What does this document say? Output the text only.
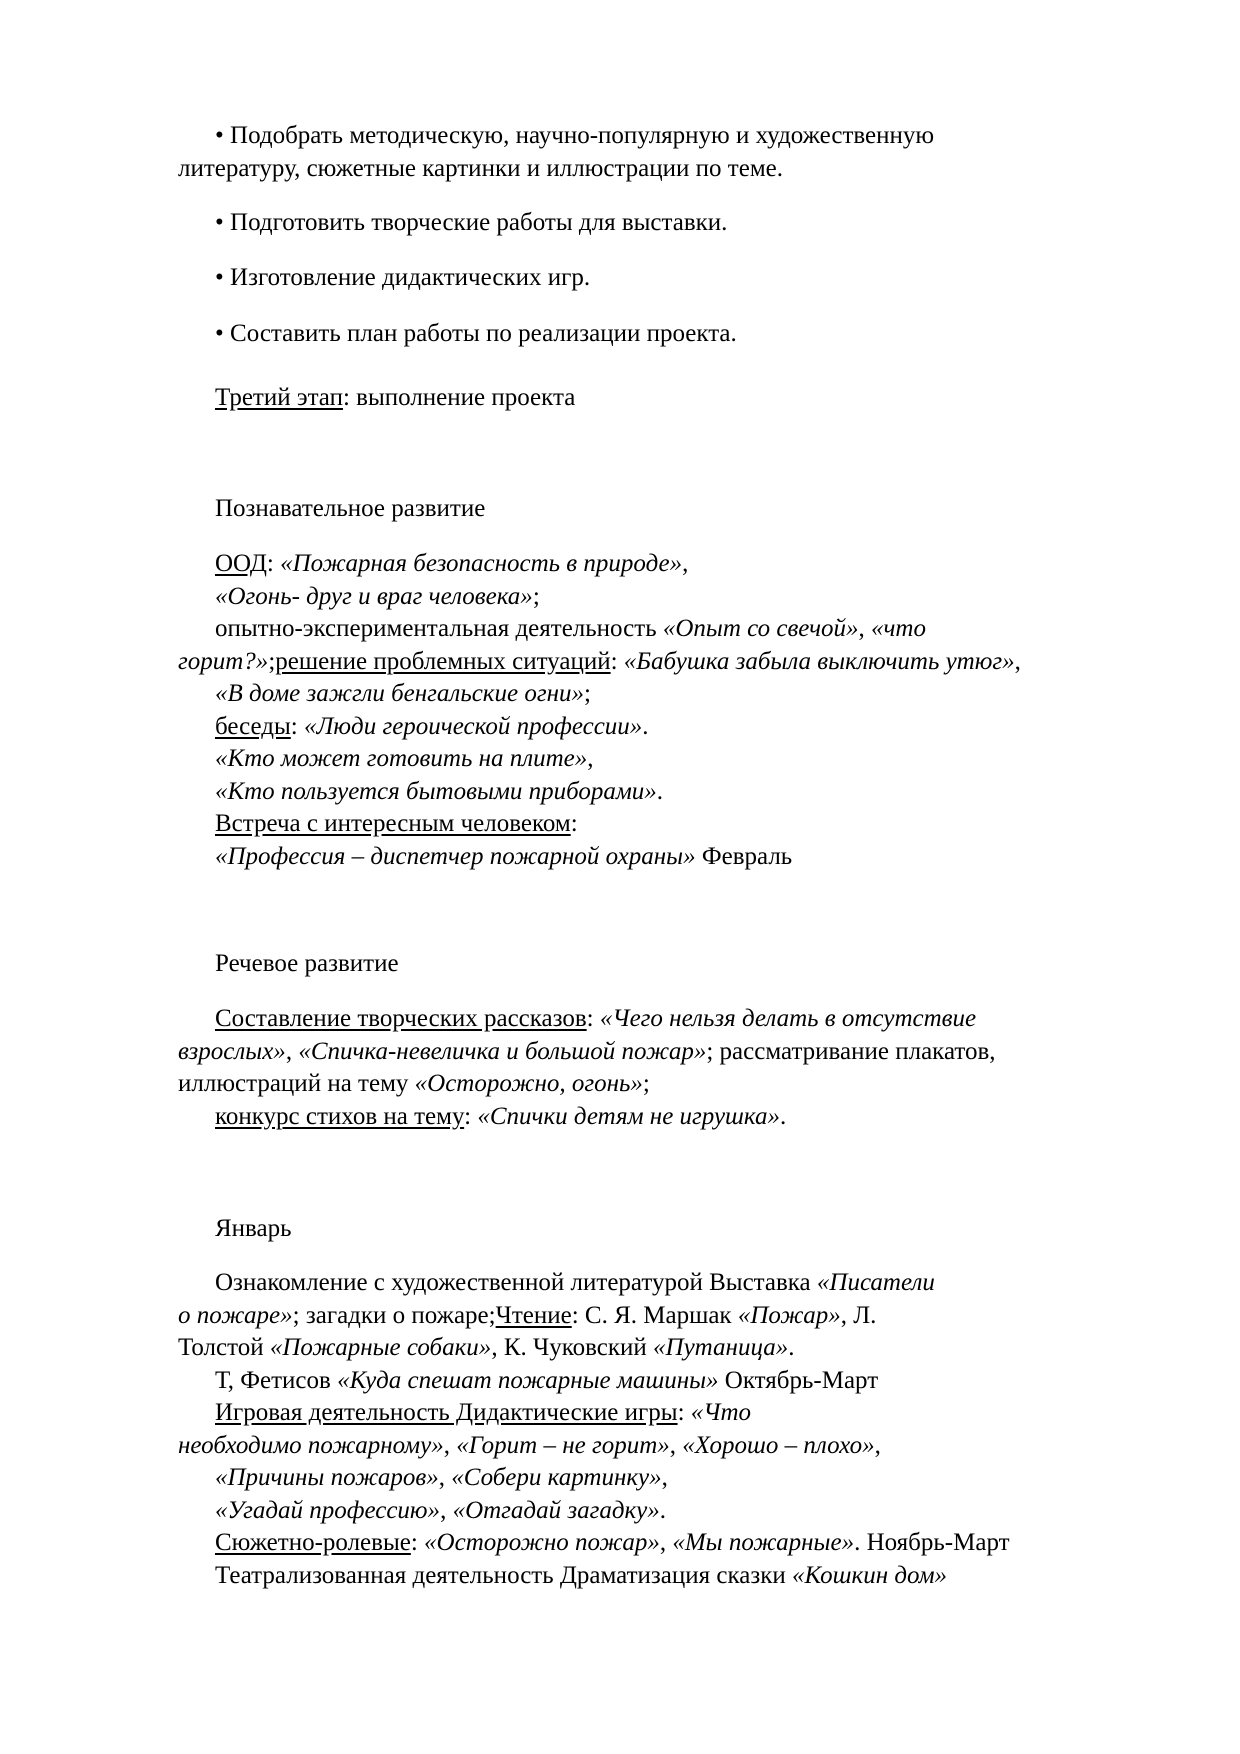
• Подобрать методическую, научно-популярную и художественную

литературу, сюжетные картинки и иллюстрации по теме.

• Подготовить творческие работы для выставки.

• Изготовление дидактических игр.

• Составить план работы по реализации проекта.

Третий этап: выполнение проекта

Познавательное развитие

ООД: «Пожарная безопасность в природе»,

«Огонь- друг и враг человека»;

опытно-экспериментальная деятельность «Опыт со свечой», «что

горит?»;решение проблемных ситуаций: «Бабушка забыла выключить утюг»,

«В доме зажгли бенгальские огни»;

беседы: «Люди героической профессии».

«Кто может готовить на плите»,

«Кто пользуется бытовыми приборами».

Встреча с интересным человеком:

«Профессия – диспетчер пожарной охраны» Февраль

Речевое развитие

Составление творческих рассказов: «Чего нельзя делать в отсутствие

взрослых», «Спичка-невеличка и большой пожар»; рассматривание плакатов,

иллюстраций на тему «Осторожно, огонь»;

конкурс стихов на тему: «Спички детям не игрушка».

Январь

Ознакомление с художественной литературой Выставка «Писатели

о пожаре»; загадки о пожаре;Чтение: С. Я. Маршак «Пожар», Л.

Толстой «Пожарные собаки», К. Чуковский «Путаница».

Т, Фетисов «Куда спешат пожарные машины» Октябрь-Март

Игровая деятельность Дидактические игры: «Что

необходимо пожарному», «Горит – не горит», «Хорошо – плохо»,

«Причины пожаров», «Собери картинку»,

«Угадай профессию», «Отгадай загадку».

Сюжетно-ролевые: «Осторожно пожар», «Мы пожарные». Ноябрь-Март

Театрализованная деятельность Драматизация сказки «Кошкин дом»
